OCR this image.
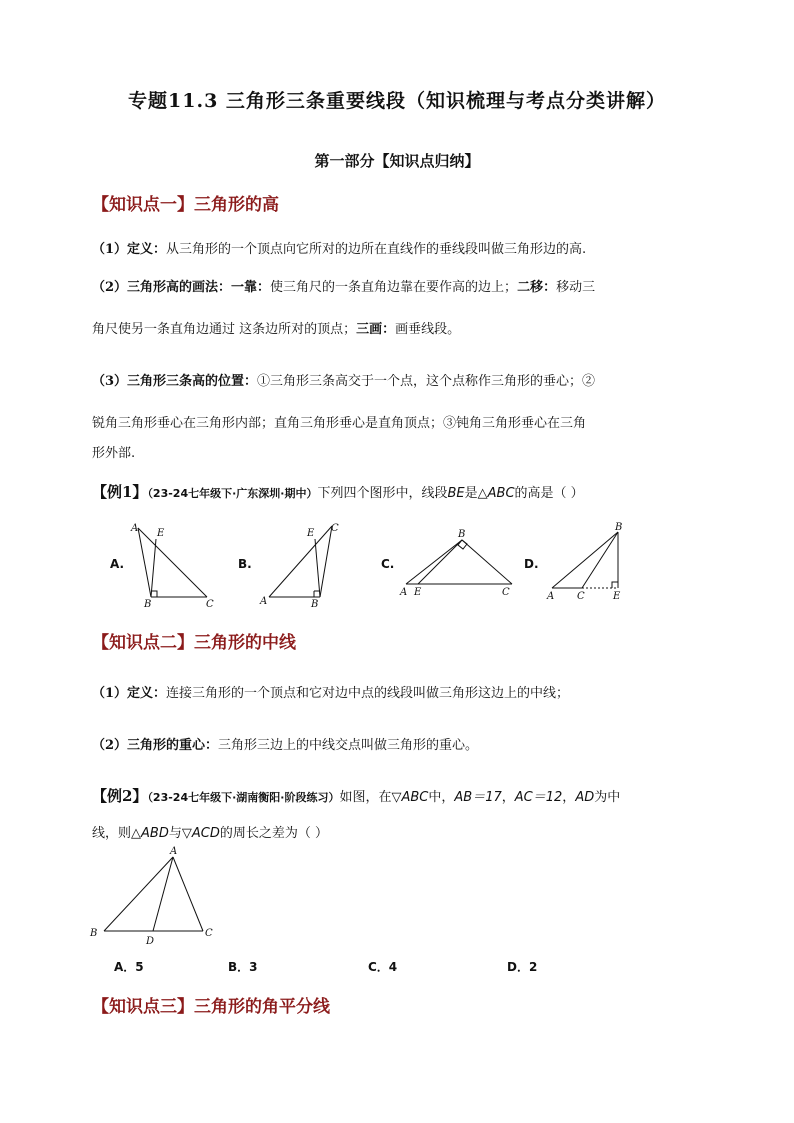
专题11.3 三角形三条重要线段（知识梳理与考点分类讲解）
第一部分【知识点归纳】
【知识点一】三角形的高
（1）定义：从三角形的一个顶点向它所对的边所在直线作的垂线段叫做三角形边的高.
（2）三角形高的画法：一靠：使三角尺的一条直角边靠在要作高的边上；二移：移动三
角尺使另一条直角边通过 这条边所对的顶点；三画：画垂线段。
（3）三角形三条高的位置：①三角形三条高交于一个点，这个点称作三角形的垂心；②
锐角三角形垂心在三角形内部；直角三角形垂心是直角顶点；③钝角三角形垂心在三角
形外部.
【例1】（23-24七年级下·广东深圳·期中）下列四个图形中，线段BE是△ABC的高是（ ）
A.	B.	C.	D.
A E
B	C	A
E
B
C
B
A E	C
B
A C	E
【知识点二】三角形的中线
（1）定义：连接三角形的一个顶点和它对边中点的线段叫做三角形这边上的中线；
（2）三角形的重心：三角形三边上的中线交点叫做三角形的重心。
【例2】（23-24七年级下·湖南衡阳·阶段练习）如图，在▽ABC中，AB＝17，AC＝12，AD为中
线，则△ABD与▽ACD的周长之差为（ ）
A
B
D
C
A．5	B．3	C．4	D．2
【知识点三】三角形的角平分线
